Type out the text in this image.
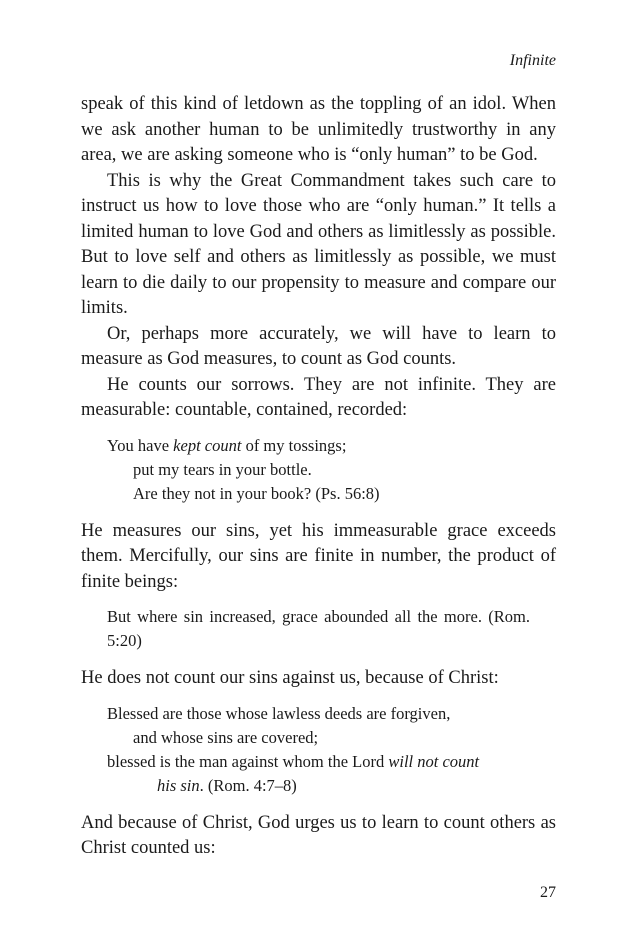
Infinite

speak of this kind of letdown as the toppling of an idol. When we ask another human to be unlimitedly trustworthy in any area, we are asking someone who is “only human” to be God.

This is why the Great Commandment takes such care to instruct us how to love those who are “only human.” It tells a limited human to love God and others as limitlessly as possible. But to love self and others as limitlessly as possible, we must learn to die daily to our propensity to measure and compare our limits.

Or, perhaps more accurately, we will have to learn to measure as God measures, to count as God counts.

He counts our sorrows. They are not infinite. They are measurable: countable, contained, recorded:

You have kept count of my tossings;
put my tears in your bottle.
Are they not in your book? (Ps. 56:8)

He measures our sins, yet his immeasurable grace exceeds them. Mercifully, our sins are finite in number, the product of finite beings:

But where sin increased, grace abounded all the more. (Rom. 5:20)

He does not count our sins against us, because of Christ:

Blessed are those whose lawless deeds are forgiven,
and whose sins are covered;
blessed is the man against whom the Lord will not count
his sin. (Rom. 4:7–8)

And because of Christ, God urges us to learn to count others as Christ counted us:

27
